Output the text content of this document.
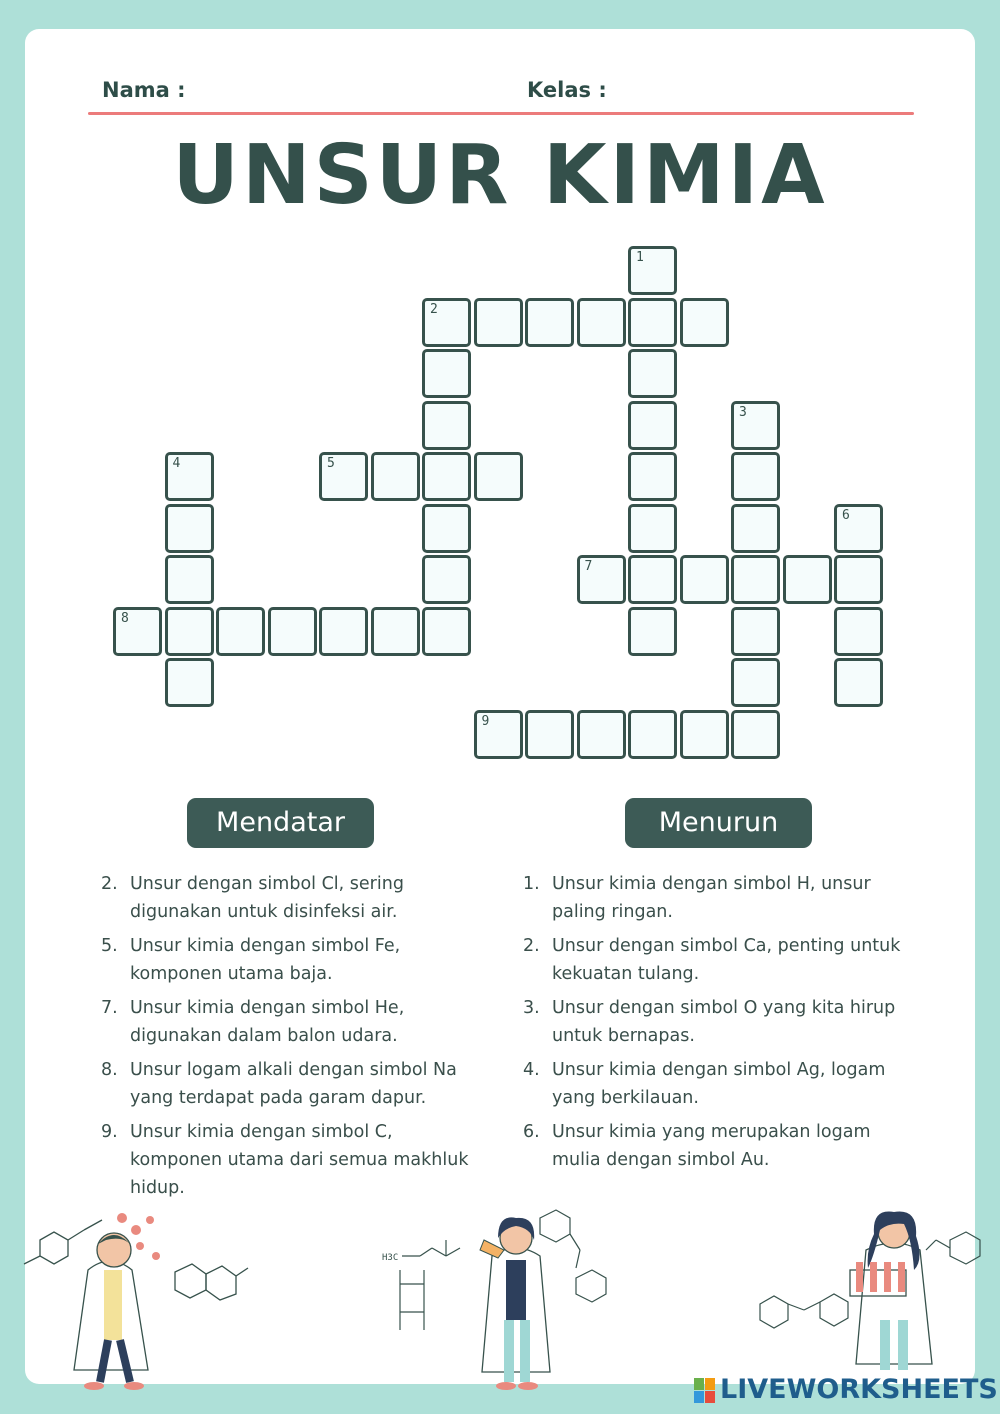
Nama :	Kelas :
UNSUR KIMIA
1
2
3
4	5
6
7
8
9
Mendatar	Menurun
2. Unsur dengan simbol Cl, sering digunakan untuk disinfeksi air.
5. Unsur kimia dengan simbol Fe, komponen utama baja.
7. Unsur kimia dengan simbol He, digunakan dalam balon udara.
8. Unsur logam alkali dengan simbol Na yang terdapat pada garam dapur.
9. Unsur kimia dengan simbol C, komponen utama dari semua makhluk hidup.
1. Unsur kimia dengan simbol H, unsur paling ringan.
2. Unsur dengan simbol Ca, penting untuk kekuatan tulang.
3. Unsur dengan simbol O yang kita hirup untuk bernapas.
4. Unsur kimia dengan simbol Ag, logam yang berkilauan.
6. Unsur kimia yang merupakan logam mulia dengan simbol Au.
H3C
LIVEWORKSHEETS
